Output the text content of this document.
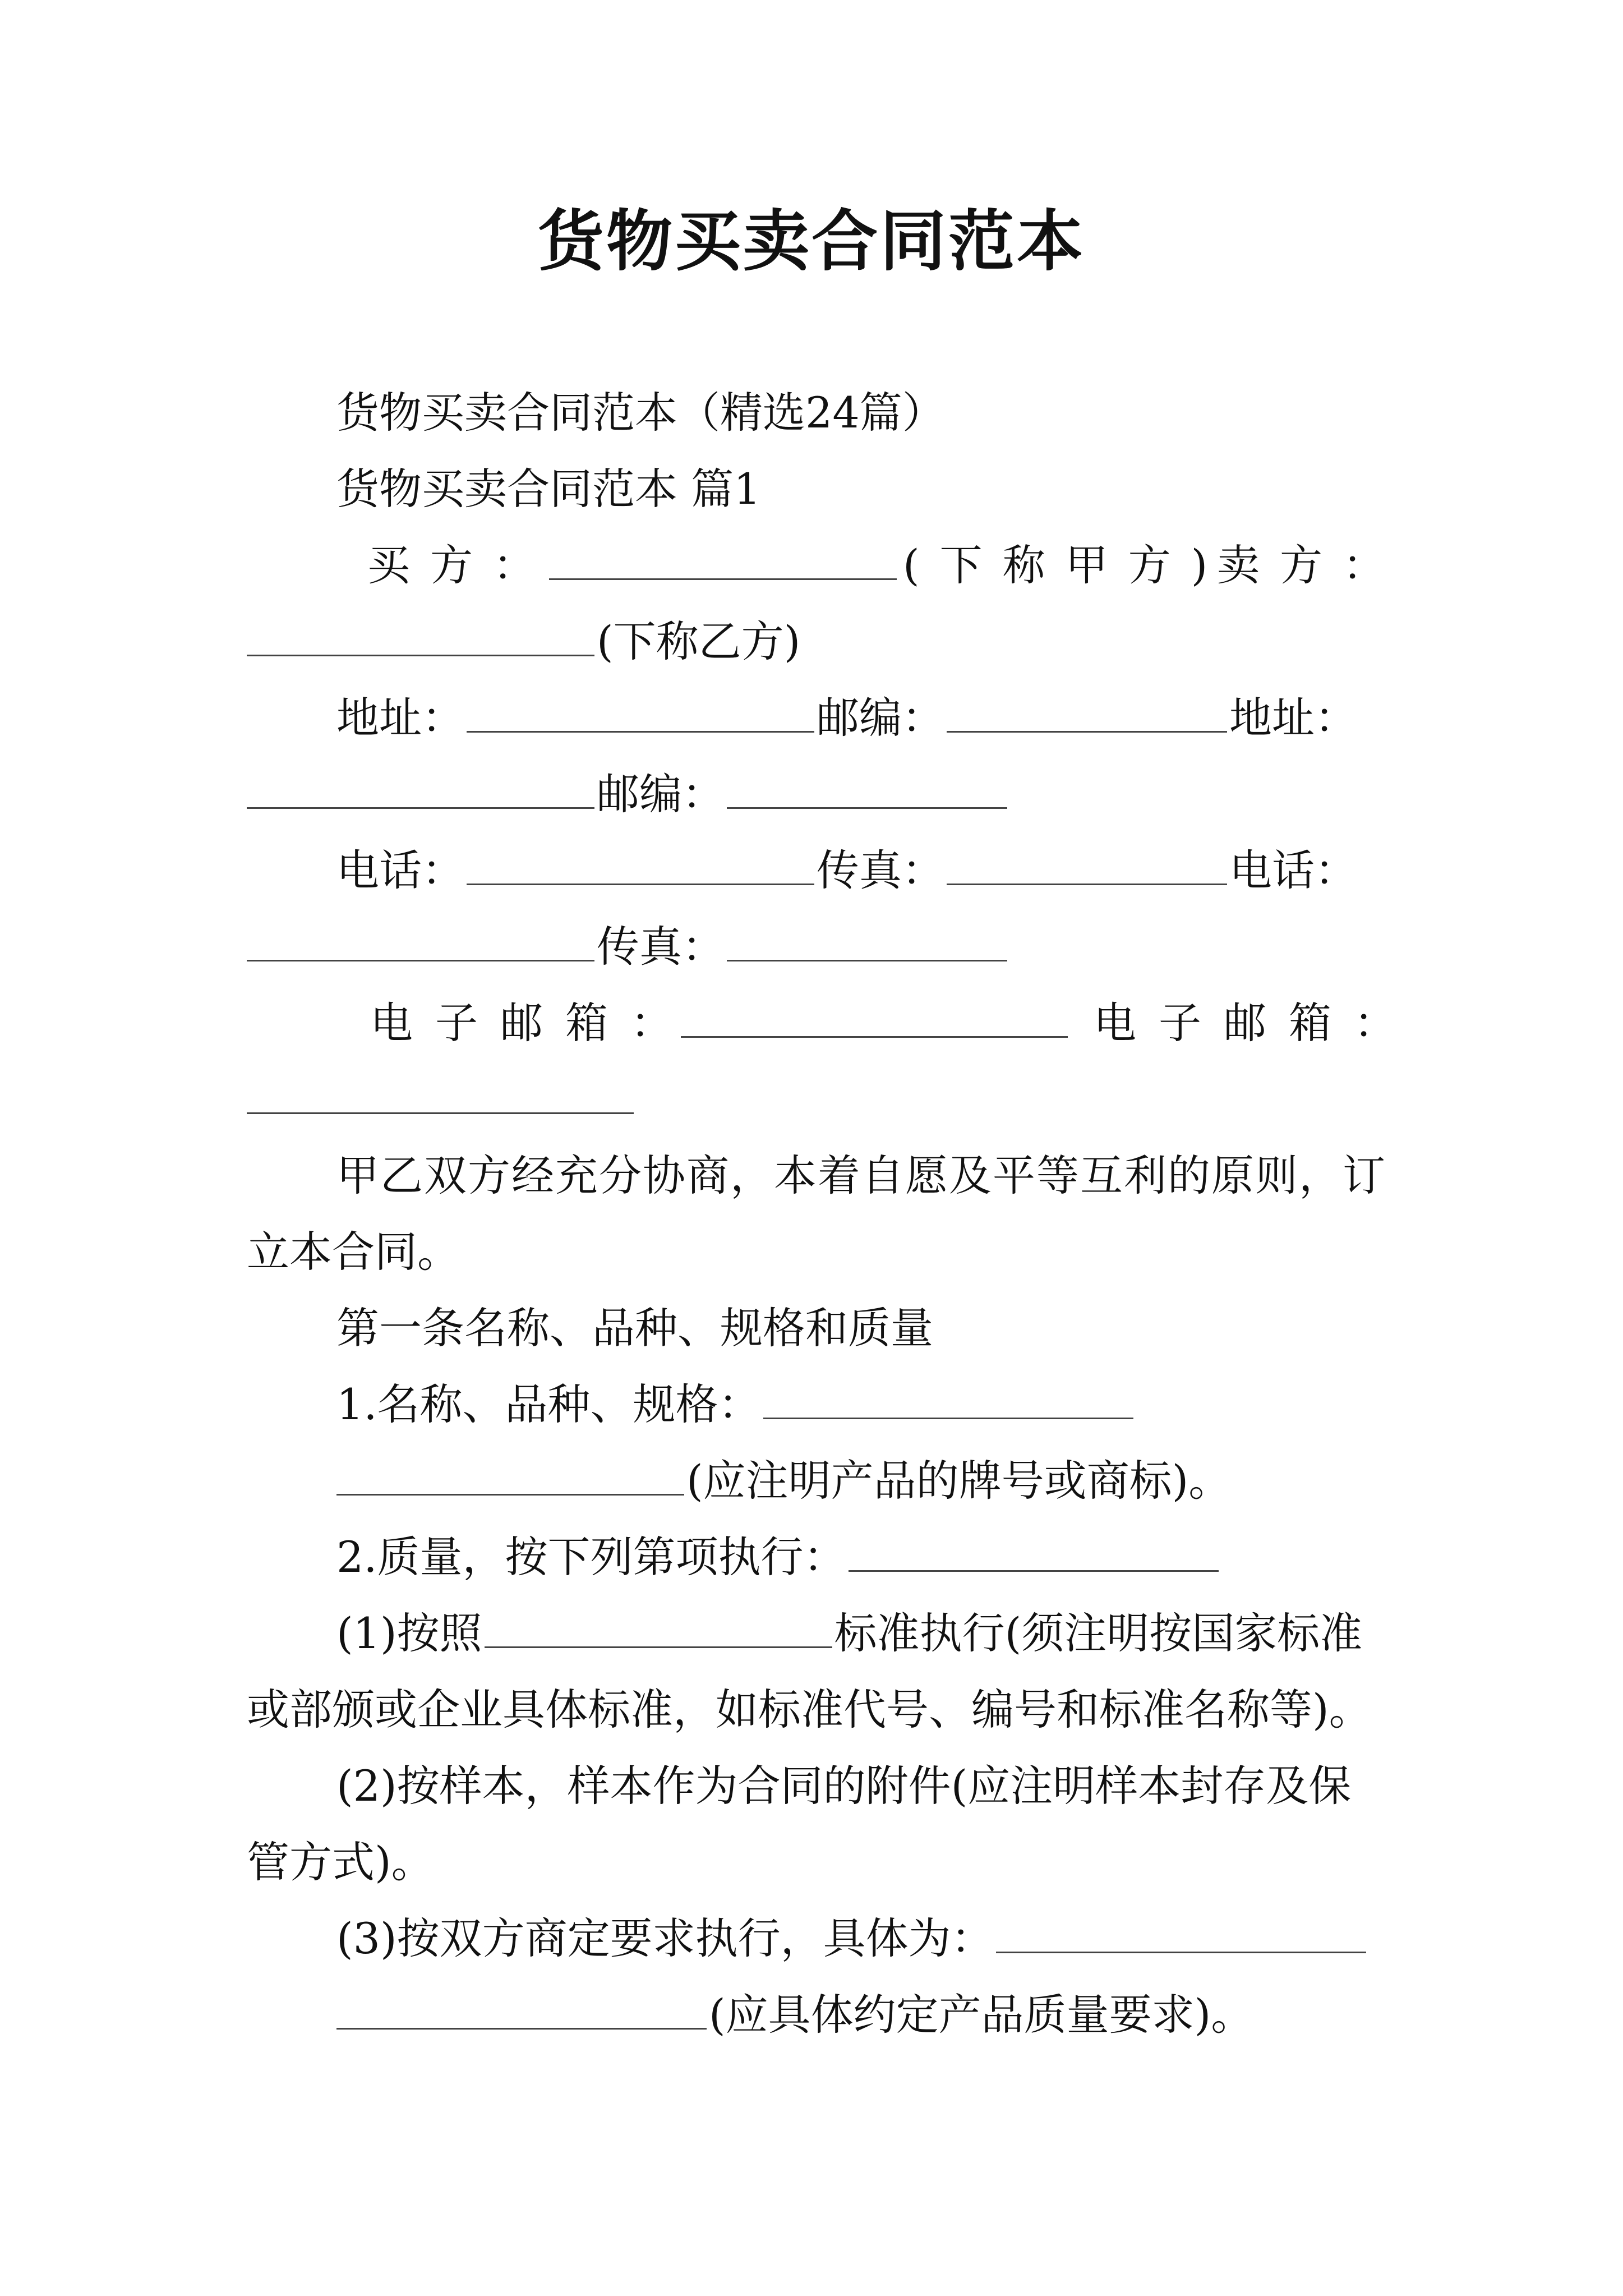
货物买卖合同范本
货物买卖合同范本（精选24篇）
货物买卖合同范本 篇1
买方：	(下称甲方)
卖方：
(下称乙方)
地址：	邮编：	地址：
邮编：
电话：	传真：	电话：
传真：
电子邮箱：	电子邮箱：
甲乙双方经充分协商，本着自愿及平等互利的原则，订
立本合同。
第一条名称、品种、规格和质量
1.名称、品种、规格：
(应注明产品的牌号或商标)。
2.质量，按下列第项执行：
(1)按照	标准执行(须注明按国家标准
或部颁或企业具体标准，如标准代号、编号和标准名称等)。
(2)按样本，样本作为合同的附件(应注明样本封存及保
管方式)。
(3)按双方商定要求执行，具体为：
(应具体约定产品质量要求)。
